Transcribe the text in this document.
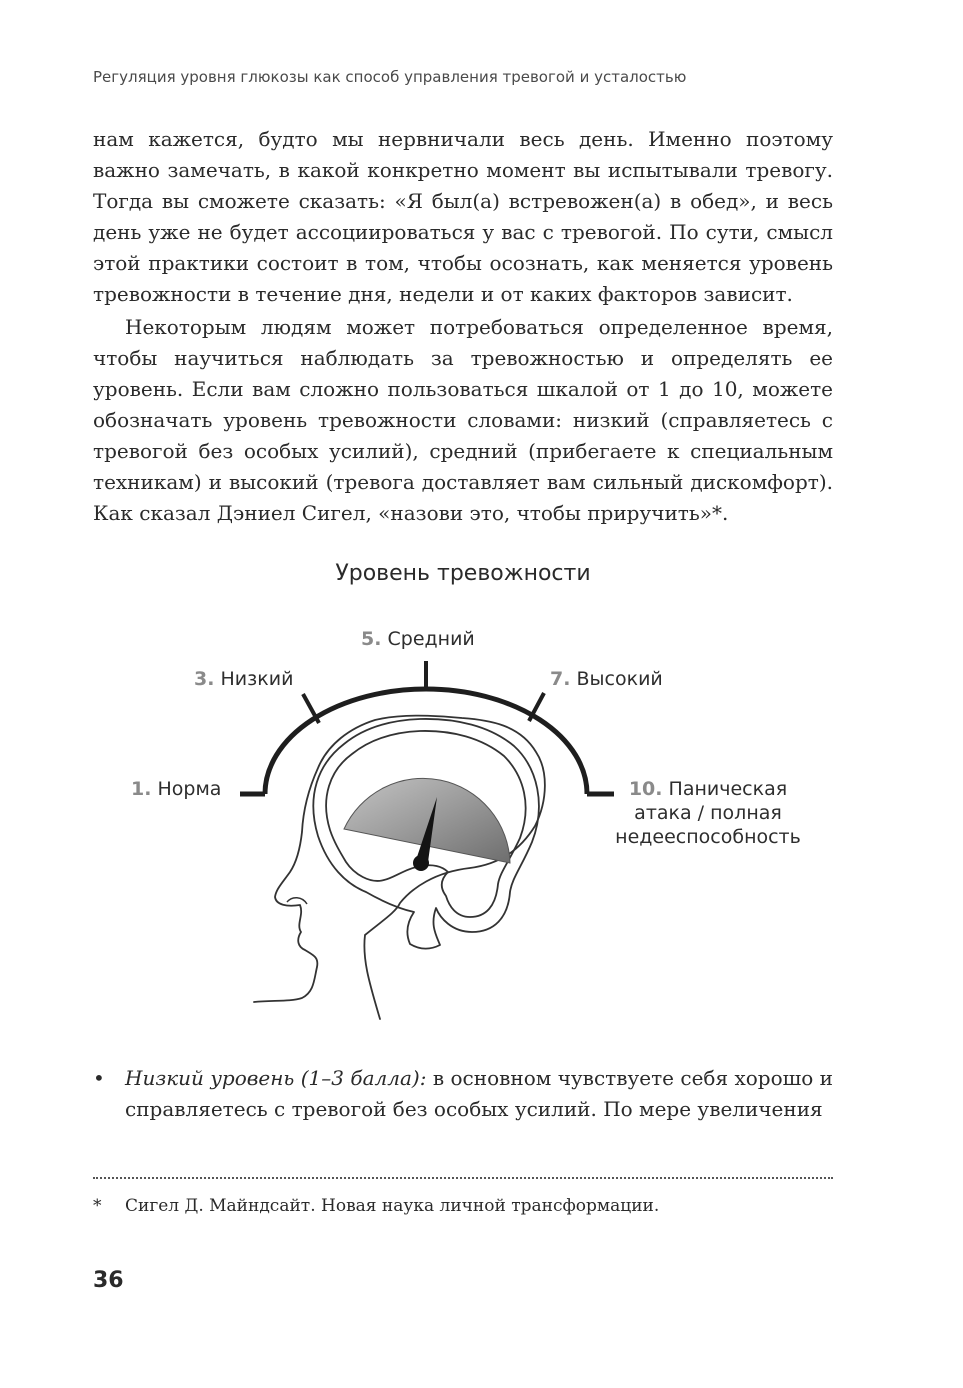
Регуляция уровня глюкозы как способ управления тревогой и усталостью

нам кажется, будто мы нервничали весь день. Именно поэтому важно замечать, в какой конкретно момент вы испытывали тревогу. Тогда вы сможете сказать: «Я был(а) встревожен(а) в обед», и весь день уже не будет ассоциироваться у вас с тревогой. По сути, смысл этой практики состоит в том, чтобы осознать, как меняется уровень тревожности в течение дня, недели и от каких факторов зависит.

Некоторым людям может потребоваться определенное время, чтобы научиться наблюдать за тревожностью и определять ее уровень. Если вам сложно пользоваться шкалой от 1 до 10, можете обозначать уровень тревожности словами: низкий (справляетесь с тревогой без особых усилий), средний (прибегаете к специальным техникам) и высокий (тревога доставляет вам сильный дискомфорт). Как сказал Дэниел Сигел, «назови это, чтобы приручить»*.

Уровень тревожности
1. Норма
3. Низкий
5. Средний
7. Высокий
10. Паническая
атака / полная
недееспособность
• Низкий уровень (1–3 балла): в основном чувствуете себя хорошо и справляетесь с тревогой без особых усилий. По мере увеличения
* Сигел Д. Майндсайт. Новая наука личной трансформации.
36
